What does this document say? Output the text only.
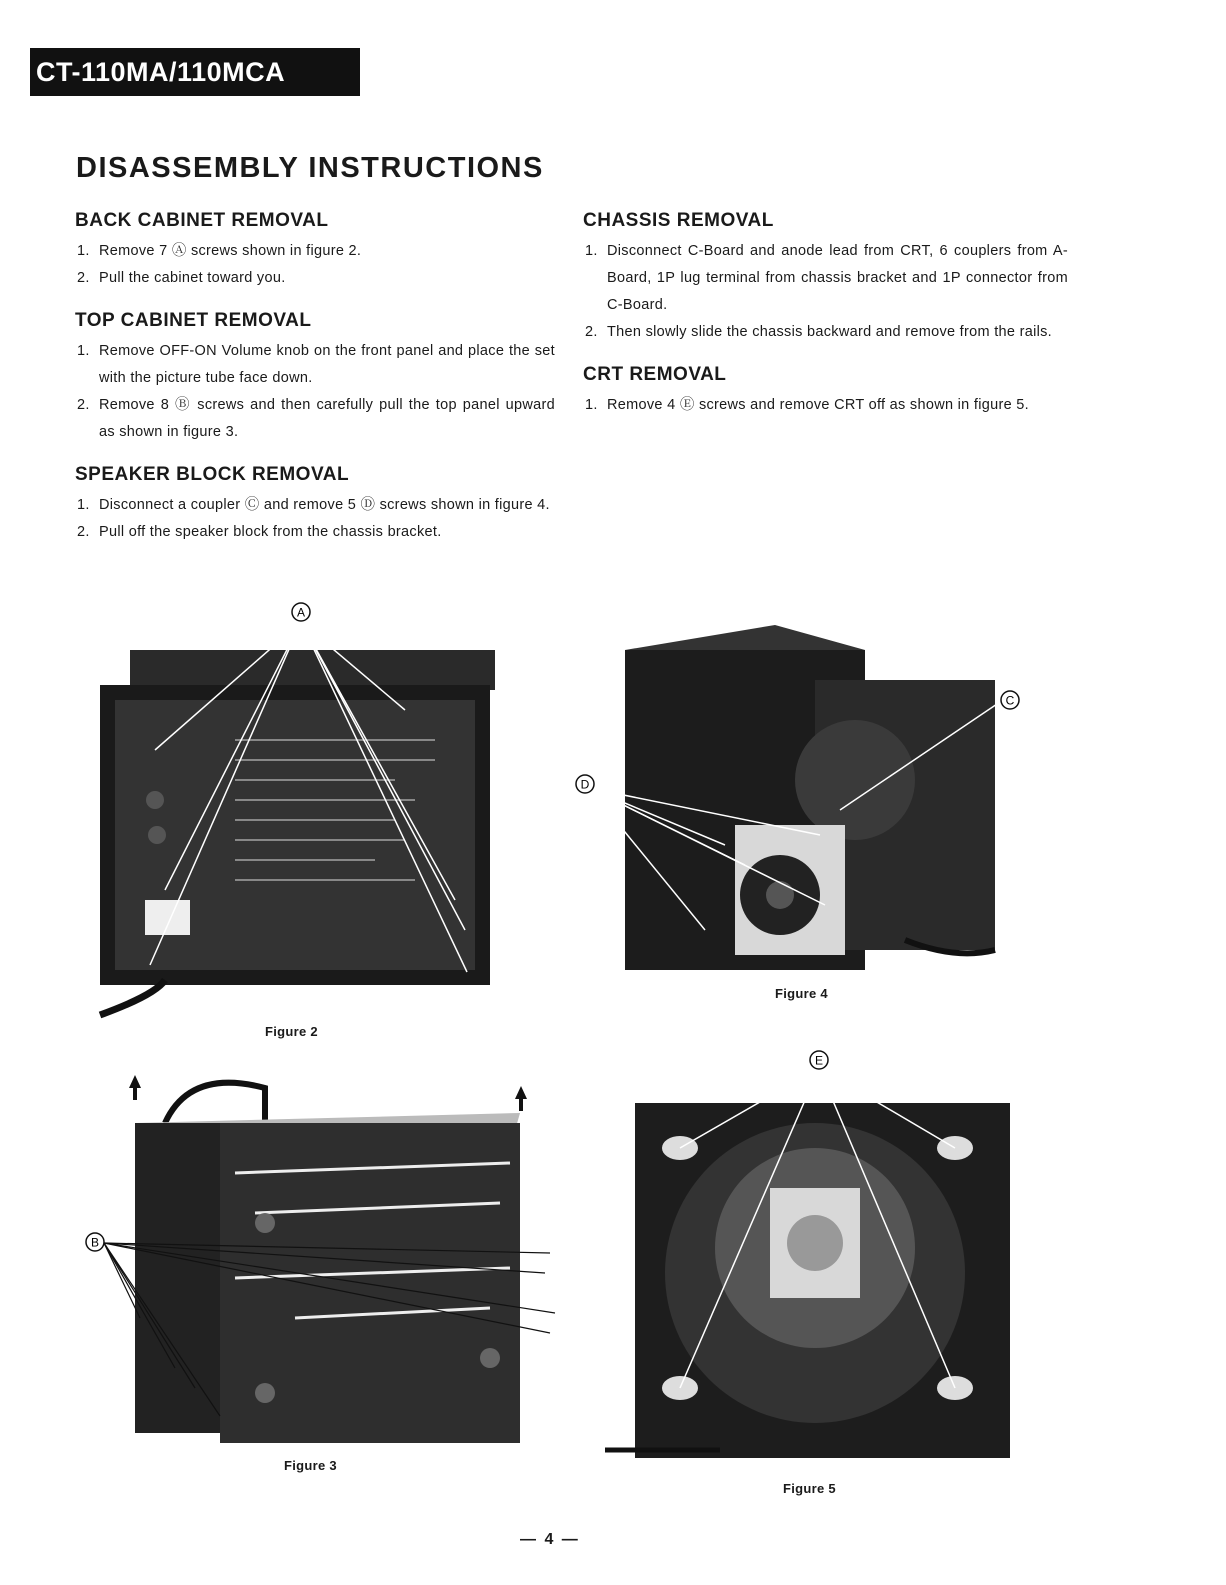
CT-110MA/110MCA
DISASSEMBLY INSTRUCTIONS
BACK CABINET REMOVAL
1. Remove 7 Ⓐ screws shown in figure 2.
2. Pull the cabinet toward you.
TOP CABINET REMOVAL
1. Remove OFF-ON Volume knob on the front panel and place the set with the picture tube face down.
2. Remove 8 Ⓑ screws and then carefully pull the top panel upward as shown in figure 3.
SPEAKER BLOCK REMOVAL
1. Disconnect a coupler Ⓒ and remove 5 Ⓓ screws shown in figure 4.
2. Pull off the speaker block from the chassis bracket.
CHASSIS REMOVAL
1. Disconnect C-Board and anode lead from CRT, 6 couplers from A-Board, 1P lug terminal from chassis bracket and 1P connector from C-Board.
2. Then slowly slide the chassis backward and remove from the rails.
CRT REMOVAL
1. Remove 4 Ⓔ screws and remove CRT off as shown in figure 5.
A
Figure 2
D
C
Figure 4
B
Figure 3
E
Figure 5
— 4 —
